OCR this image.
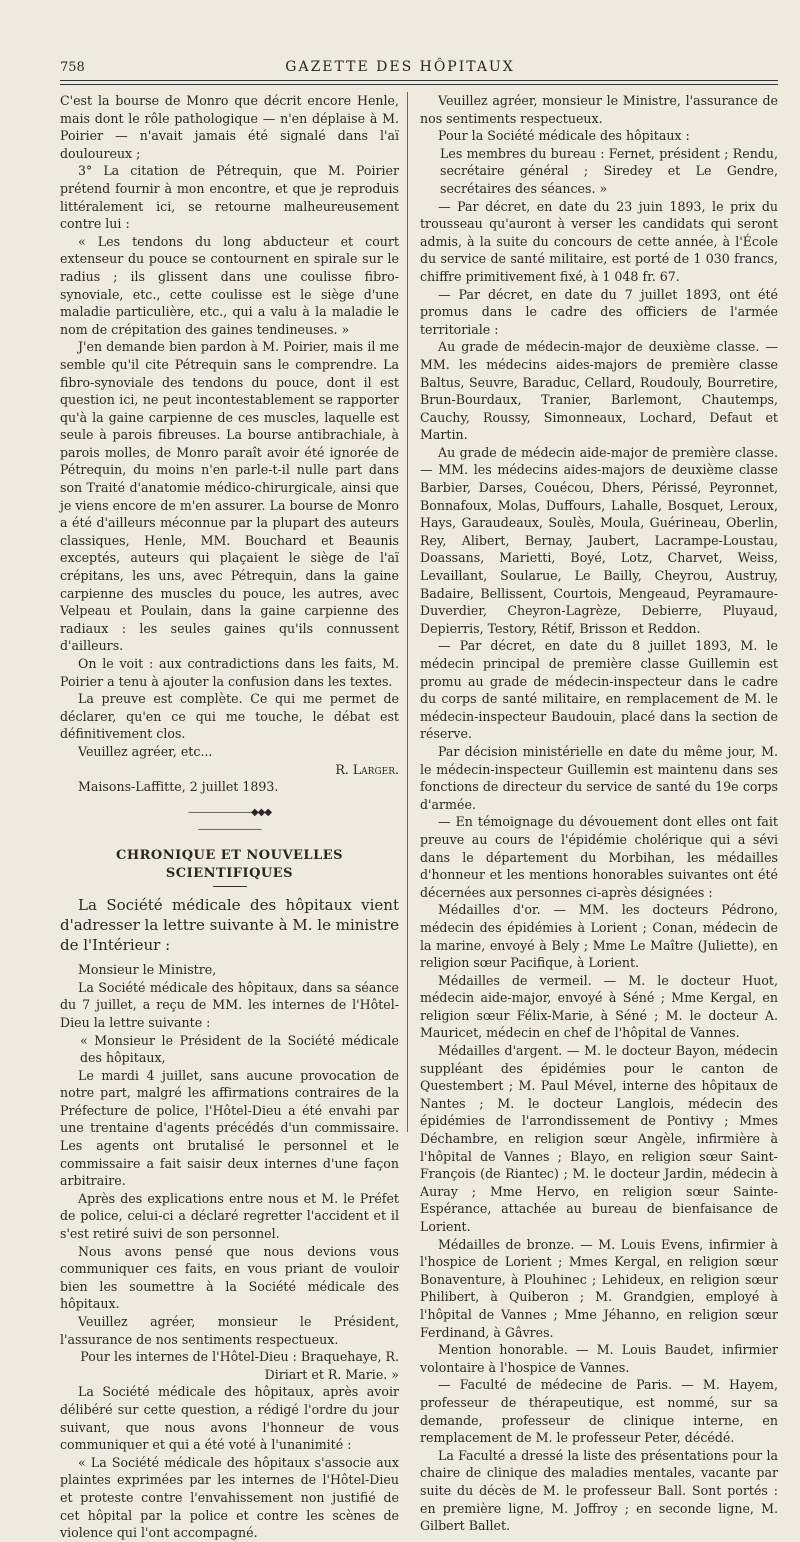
758	GAZETTE DES HÔPITAUX

C'est la bourse de Monro que décrit encore Henle, mais dont le rôle pathologique — n'en déplaise à M. Poirier — n'avait jamais été signalé dans l'aï douloureux ;

3° La citation de Pétrequin, que M. Poirier prétend fournir à mon encontre, et que je reproduis littéralement ici, se retourne malheureusement contre lui :

« Les tendons du long abducteur et court extenseur du pouce se contournent en spirale sur le radius ; ils glissent dans une coulisse fibro-synoviale, etc., cette coulisse est le siège d'une maladie particulière, etc., qui a valu à la maladie le nom de crépitation des gaines tendineuses. »

J'en demande bien pardon à M. Poirier, mais il me semble qu'il cite Pétrequin sans le comprendre. La fibro-synoviale des tendons du pouce, dont il est question ici, ne peut incontestablement se rapporter qu'à la gaine carpienne de ces muscles, laquelle est seule à parois fibreuses. La bourse antibrachiale, à parois molles, de Monro paraît avoir été ignorée de Pétrequin, du moins n'en parle-t-il nulle part dans son Traité d'anatomie médico-chirurgicale, ainsi que je viens encore de m'en assurer. La bourse de Monro a été d'ailleurs méconnue par la plupart des auteurs classiques, Henle, MM. Bouchard et Beaunis exceptés, auteurs qui plaçaient le siège de l'aï crépitans, les uns, avec Pétrequin, dans la gaine carpienne des muscles du pouce, les autres, avec Velpeau et Poulain, dans la gaine carpienne des radiaux : les seules gaines qu'ils connussent d'ailleurs.

On le voit : aux contradictions dans les faits, M. Poirier a tenu à ajouter la confusion dans les textes.

La preuve est complète. Ce qui me permet de déclarer, qu'en ce qui me touche, le débat est définitivement clos.

Veuillez agréer, etc...

R. Larger.

Maisons-Laffitte, 2 juillet 1893.

———————◆◆◆———————
CHRONIQUE ET NOUVELLES SCIENTIFIQUES

La Société médicale des hôpitaux vient d'adresser la lettre suivante à M. le ministre de l'Intérieur :

Monsieur le Ministre,

La Société médicale des hôpitaux, dans sa séance du 7 juillet, a reçu de MM. les internes de l'Hôtel-Dieu la lettre suivante :

« Monsieur le Président de la Société médicale des hôpitaux,

Le mardi 4 juillet, sans aucune provocation de notre part, malgré les affirmations contraires de la Préfecture de police, l'Hôtel-Dieu a été envahi par une trentaine d'agents précédés d'un commissaire. Les agents ont brutalisé le personnel et le commissaire a fait saisir deux internes d'une façon arbitraire.

Après des explications entre nous et M. le Préfet de police, celui-ci a déclaré regretter l'accident et il s'est retiré suivi de son personnel.

Nous avons pensé que nous devions vous communiquer ces faits, en vous priant de vouloir bien les soumettre à la Société médicale des hôpitaux.

Veuillez agréer, monsieur le Président, l'assurance de nos sentiments respectueux.

Pour les internes de l'Hôtel-Dieu : Braquehaye, R. Diriart et R. Marie. »

La Société médicale des hôpitaux, après avoir délibéré sur cette question, a rédigé l'ordre du jour suivant, que nous avons l'honneur de vous communiquer et qui a été voté à l'unanimité :

« La Société médicale des hôpitaux s'associe aux plaintes exprimées par les internes de l'Hôtel-Dieu et proteste contre l'envahissement non justifié de cet hôpital par la police et contre les scènes de violence qui l'ont accompagné.

Veuillez agréer, monsieur le Ministre, l'assurance de nos sentiments respectueux.

Pour la Société médicale des hôpitaux :

Les membres du bureau : Fernet, président ; Rendu, secrétaire général ; Siredey et Le Gendre, secrétaires des séances. »

— Par décret, en date du 23 juin 1893, le prix du trousseau qu'auront à verser les candidats qui seront admis, à la suite du concours de cette année, à l'École du service de santé militaire, est porté de 1 030 francs, chiffre primitivement fixé, à 1 048 fr. 67.

— Par décret, en date du 7 juillet 1893, ont été promus dans le cadre des officiers de l'armée territoriale :

Au grade de médecin-major de deuxième classe. — MM. les médecins aides-majors de première classe Baltus, Seuvre, Baraduc, Cellard, Roudouly, Bourretire, Brun-Bourdaux, Tranier, Barlemont, Chautemps, Cauchy, Roussy, Simonneaux, Lochard, Defaut et Martin.

Au grade de médecin aide-major de première classe. — MM. les médecins aides-majors de deuxième classe Barbier, Darses, Couécou, Dhers, Périssé, Peyronnet, Bonnafoux, Molas, Duffours, Lahalle, Bosquet, Leroux, Hays, Garaudeaux, Soulès, Moula, Guérineau, Oberlin, Rey, Alibert, Bernay, Jaubert, Lacrampe-Loustau, Doassans, Marietti, Boyé, Lotz, Charvet, Weiss, Levaillant, Soularue, Le Bailly, Cheyrou, Austruy, Badaire, Bellissent, Courtois, Mengeaud, Peyramaure-Duverdier, Cheyron-Lagrèze, Debierre, Pluyaud, Depierris, Testory, Rétif, Brisson et Reddon.

— Par décret, en date du 8 juillet 1893, M. le médecin principal de première classe Guillemin est promu au grade de médecin-inspecteur dans le cadre du corps de santé militaire, en remplacement de M. le médecin-inspecteur Baudouin, placé dans la section de réserve.

Par décision ministérielle en date du même jour, M. le médecin-inspecteur Guillemin est maintenu dans ses fonctions de directeur du service de santé du 19e corps d'armée.

— En témoignage du dévouement dont elles ont fait preuve au cours de l'épidémie cholérique qui a sévi dans le département du Morbihan, les médailles d'honneur et les mentions honorables suivantes ont été décernées aux personnes ci-après désignées :

Médailles d'or. — MM. les docteurs Pédrono, médecin des épidémies à Lorient ; Conan, médecin de la marine, envoyé à Bely ; Mme Le Maître (Juliette), en religion sœur Pacifique, à Lorient.

Médailles de vermeil. — M. le docteur Huot, médecin aide-major, envoyé à Séné ; Mme Kergal, en religion sœur Félix-Marie, à Séné ; M. le docteur A. Mauricet, médecin en chef de l'hôpital de Vannes.

Médailles d'argent. — M. le docteur Bayon, médecin suppléant des épidémies pour le canton de Questembert ; M. Paul Mével, interne des hôpitaux de Nantes ; M. le docteur Langlois, médecin des épidémies de l'arrondissement de Pontivy ; Mmes Déchambre, en religion sœur Angèle, infirmière à l'hôpital de Vannes ; Blayo, en religion sœur Saint-François (de Riantec) ; M. le docteur Jardin, médecin à Auray ; Mme Hervo, en religion sœur Sainte-Espérance, attachée au bureau de bienfaisance de Lorient.

Médailles de bronze. — M. Louis Evens, infirmier à l'hospice de Lorient ; Mmes Kergal, en religion sœur Bonaventure, à Plouhinec ; Lehideux, en religion sœur Philibert, à Quiberon ; M. Grandgien, employé à l'hôpital de Vannes ; Mme Jéhanno, en religion sœur Ferdinand, à Gâvres.

Mention honorable. — M. Louis Baudet, infirmier volontaire à l'hospice de Vannes.

— Faculté de médecine de Paris. — M. Hayem, professeur de thérapeutique, est nommé, sur sa demande, professeur de clinique interne, en remplacement de M. le professeur Peter, décédé.

La Faculté a dressé la liste des présentations pour la chaire de clinique des maladies mentales, vacante par suite du décès de M. le professeur Ball. Sont portés : en première ligne, M. Joffroy ; en seconde ligne, M. Gilbert Ballet.
